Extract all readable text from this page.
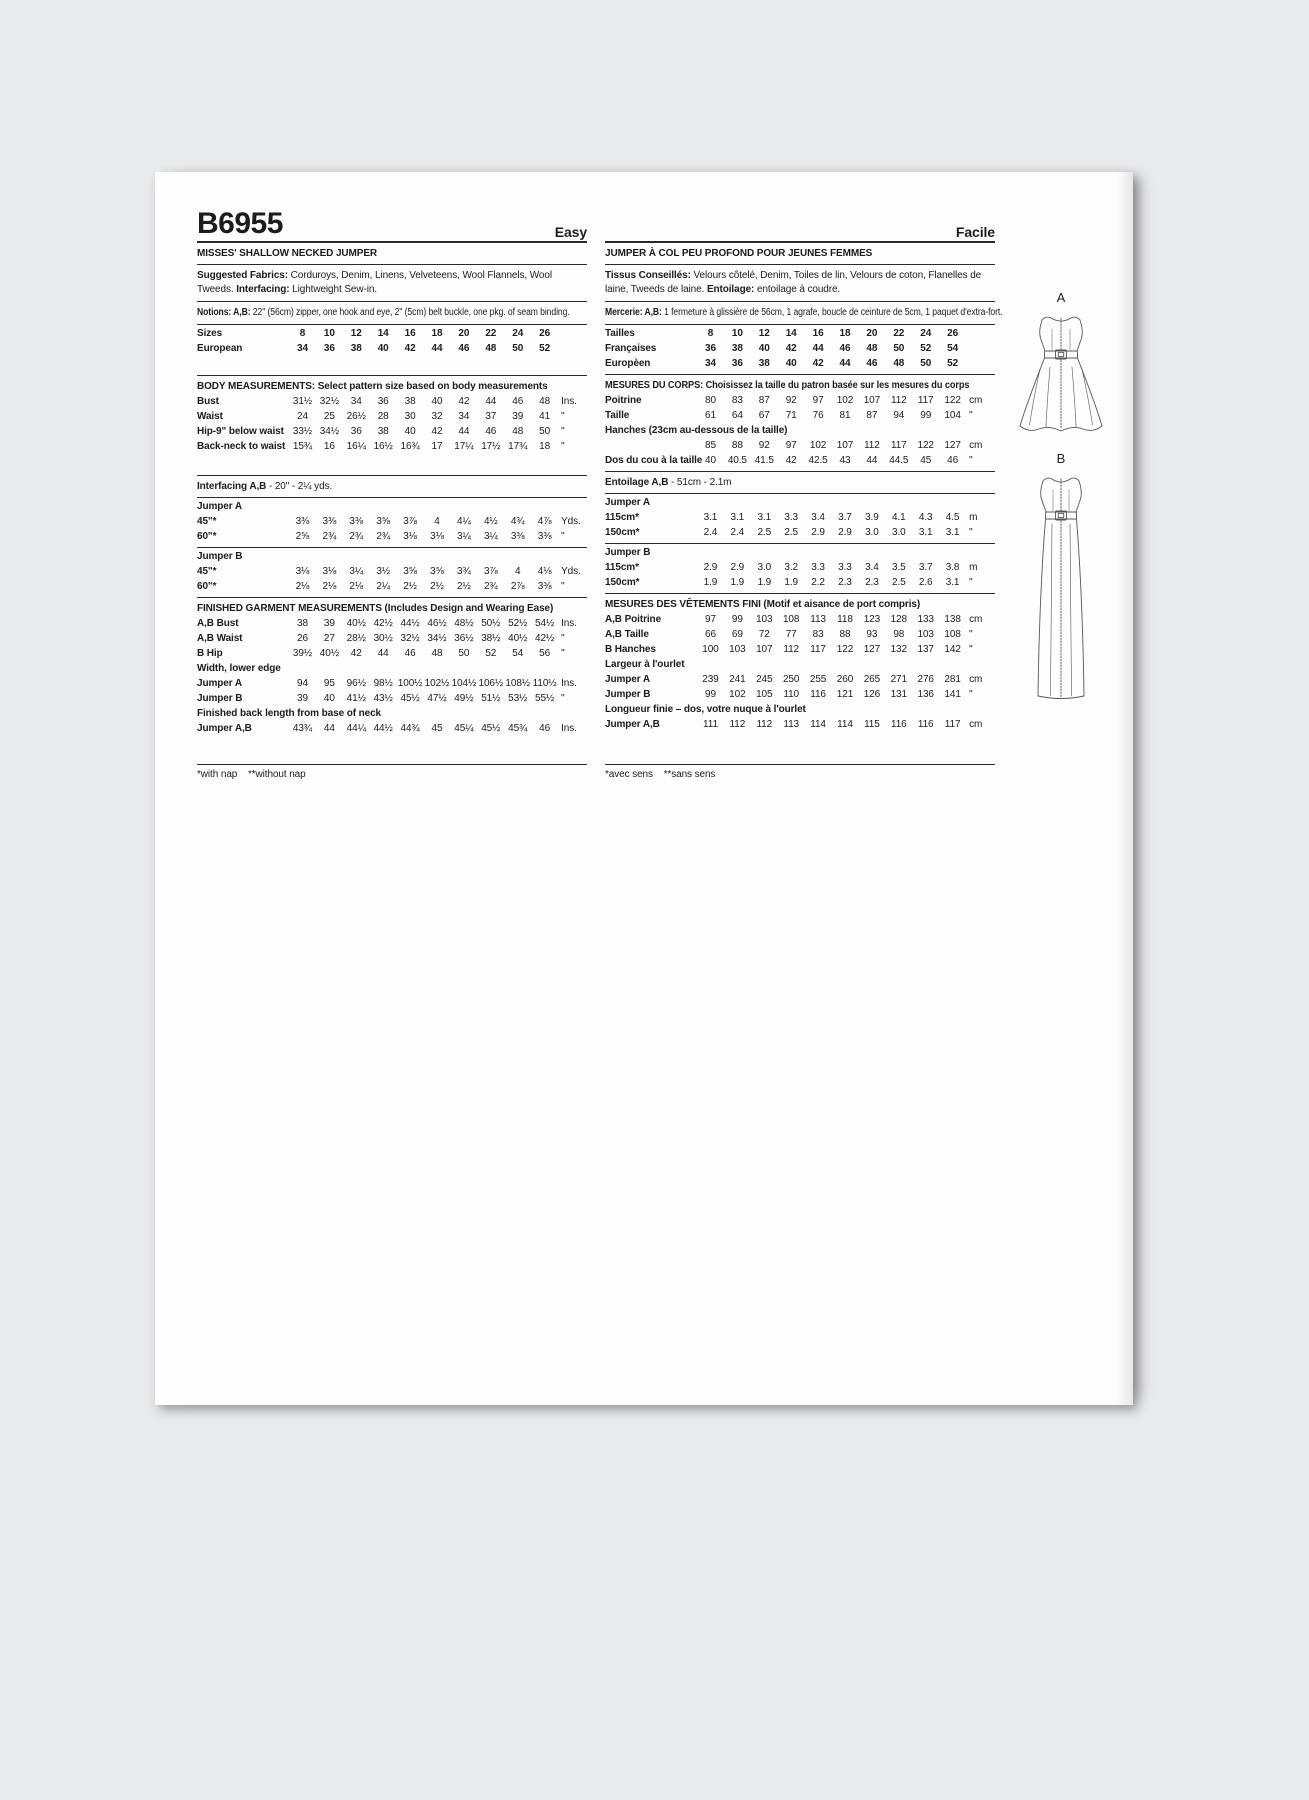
B6955	Easy
MISSES' SHALLOW NECKED JUMPER
Suggested Fabrics: Corduroys, Denim, Linens, Velveteens, Wool Flannels, Wool Tweeds. Interfacing: Lightweight Sew-in.
Notions: A,B: 22" (56cm) zipper, one hook and eye, 2" (5cm) belt buckle, one pkg. of seam binding.
Sizes	8	10	12	14	16	18	20	22	24	26
European	34	36	38	40	42	44	46	48	50	52
BODY MEASUREMENTS: Select pattern size based on body measurements
Bust	31½ 32½	34	36	38	40	42	44	46	48	Ins.
Waist	24	25	26½	28	30	32	34	37	39	41	"
Hip-9" below waist 33½ 34½	36	38	40	42	44	46	48	50	"
Back-neck to waist 15¾	16	16¼ 16½ 16¾	17	17¼ 17½ 17¾	18	"
Interfacing A,B - 20" - 2¼ yds.
Jumper A
45"*	3⅜	3⅜	3⅜	3⅝	3⅞	4	4¼	4½	4¾	4⅞ Yds.
60"*	2⅝	2¾	2¾	2¾	3⅛	3⅛	3¼	3¼	3⅜	3⅜ "
Jumper B
45"*	3⅛	3⅛	3¼	3½	3⅝	3⅝	3¾	3⅞	4	4⅛ Yds.
60"*	2⅛	2⅛	2⅛	2¼	2½	2½	2½	2¾	2⅞	3⅜ "
FINISHED GARMENT MEASUREMENTS (Includes Design and Wearing Ease)
A,B Bust	38	39	40½ 42½ 44½ 46½ 48½ 50½ 52½ 54½ Ins.
A,B Waist	26	27	28½ 30½ 32½ 34½ 36½ 38½ 40½ 42½ "
B Hip	39½ 40½	42	44	46	48	50	52	54	56	"
Width, lower edge
Jumper A	94	95	96½ 98½ 100½ 102½ 104½ 106½ 108½ 110½ Ins.
Jumper B	39	40	41½ 43½ 45½ 47½ 49½ 51½ 53½ 55½ "
Finished back length from base of neck
Jumper A,B	43¾	44	44¼ 44½ 44¾	45	45¼ 45½ 45¾	46	Ins.
*with nap    **without nap
Facile
JUMPER À COL PEU PROFOND POUR JEUNES FEMMES
Tissus Conseillés: Velours côtelé, Denim, Toiles de lin, Velours de coton, Flanelles de laine, Tweeds de laine. Entoilage: entoilage à coudre.
Mercerie: A,B: 1 fermeture à glissière de 56cm, 1 agrafe, boucle de ceinture de 5cm, 1 paquet d'extra-fort.
Tailles	8	10	12	14	16	18	20	22	24	26
Françaises	36	38	40	42	44	46	48	50	52	54
Europèen	34	36	38	40	42	44	46	48	50	52
MESURES DU CORPS: Choisissez la taille du patron basée sur les mesures du corps
Poitrine	80	83	87	92	97	102	107	112	117	122 cm
Taille	61	64	67	71	76	81	87	94	99	104 "
Hanches (23cm au-dessous de la taille)
85	88	92	97	102	107	112	117	122	127 cm
Dos du cou à la taille 40	40.5 41.5	42	42.5	43	44	44.5	45	46	"
Entoilage A,B - 51cm - 2.1m
Jumper A
115cm*	3.1	3.1	3.1	3.3	3.4	3.7	3.9	4.1	4.3	4.5 m
150cm*	2.4	2.4	2.5	2.5	2.9	2.9	3.0	3.0	3.1	3.1 "
Jumper B
115cm*	2.9	2.9	3.0	3.2	3.3	3.3	3.4	3.5	3.7	3.8 m
150cm*	1.9	1.9	1.9	1.9	2.2	2.3	2.3	2.5	2.6	3.1 "
MESURES DES VÊTEMENTS FINI (Motif et aisance de port compris)
A,B Poitrine	97	99	103	108	113	118	123	128	133	138 cm
A,B Taille	66	69	72	77	83	88	93	98	103	108 "
B Hanches	100	103	107	112	117	122	127	132	137	142 "
Largeur à l'ourlet
Jumper A	239	241	245	250	255	260	265	271	276	281 cm
Jumper B	99	102	105	110	116	121	126	131	136	141 "
Longueur finie – dos, votre nuque à l'ourlet
Jumper A,B	111	112	112	113	114	114	115	116	116	117 cm
*avec sens    **sans sens
A
B
